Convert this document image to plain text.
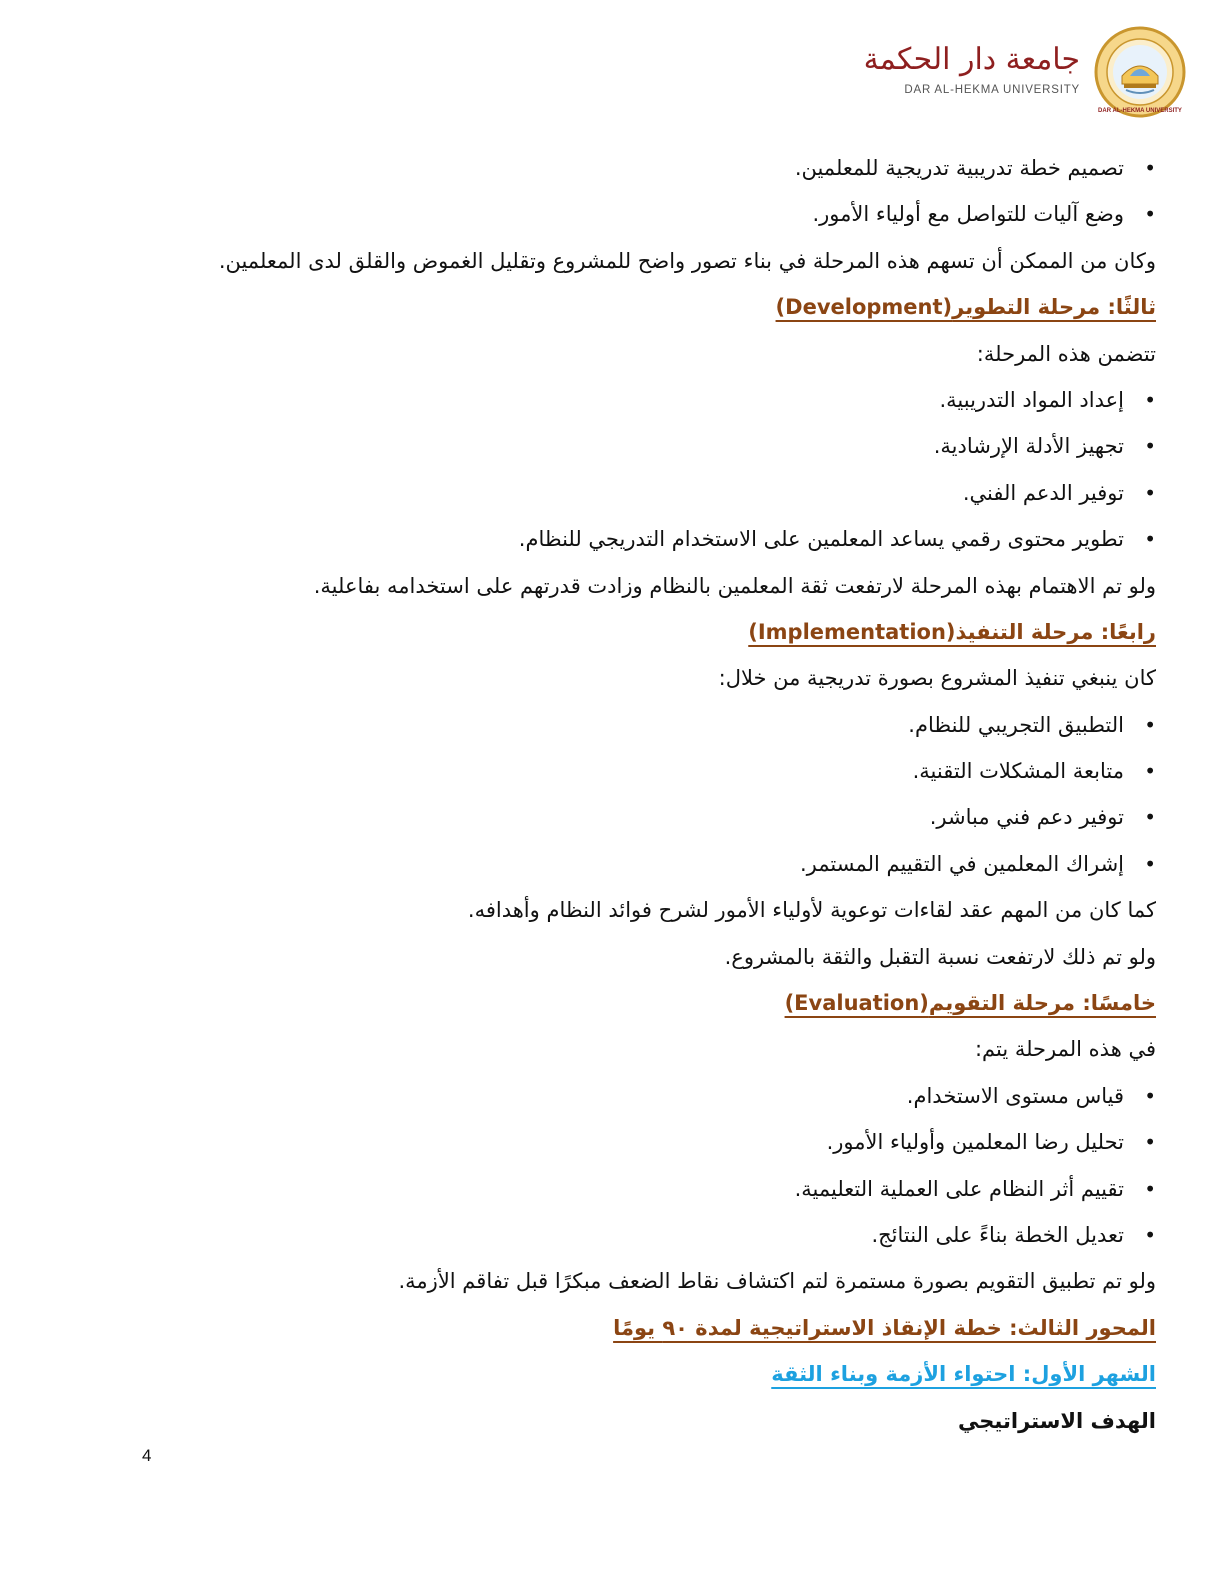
DAR AL-HEKMA UNIVERSITY
جامعة دار الحكمة
DAR AL-HEKMA UNIVERSITY
• تصميم خطة تدريبية تدريجية للمعلمين.
• وضع آليات للتواصل مع أولياء الأمور.
وكان من الممكن أن تسهم هذه المرحلة في بناء تصور واضح للمشروع وتقليل الغموض والقلق لدى المعلمين.
ثالثًا: مرحلة التطوير(Development)
تتضمن هذه المرحلة:
• إعداد المواد التدريبية.
• تجهيز الأدلة الإرشادية.
• توفير الدعم الفني.
• تطوير محتوى رقمي يساعد المعلمين على الاستخدام التدريجي للنظام.
ولو تم الاهتمام بهذه المرحلة لارتفعت ثقة المعلمين بالنظام وزادت قدرتهم على استخدامه بفاعلية.
رابعًا: مرحلة التنفيذ(Implementation)
كان ينبغي تنفيذ المشروع بصورة تدريجية من خلال:
• التطبيق التجريبي للنظام.
• متابعة المشكلات التقنية.
• توفير دعم فني مباشر.
• إشراك المعلمين في التقييم المستمر.
كما كان من المهم عقد لقاءات توعوية لأولياء الأمور لشرح فوائد النظام وأهدافه.
ولو تم ذلك لارتفعت نسبة التقبل والثقة بالمشروع.
خامسًا: مرحلة التقويم(Evaluation)
في هذه المرحلة يتم:
• قياس مستوى الاستخدام.
• تحليل رضا المعلمين وأولياء الأمور.
• تقييم أثر النظام على العملية التعليمية.
• تعديل الخطة بناءً على النتائج.
ولو تم تطبيق التقويم بصورة مستمرة لتم اكتشاف نقاط الضعف مبكرًا قبل تفاقم الأزمة.
المحور الثالث: خطة الإنقاذ الاستراتيجية لمدة ٩٠ يومًا
الشهر الأول: احتواء الأزمة وبناء الثقة
الهدف الاستراتيجي
4
